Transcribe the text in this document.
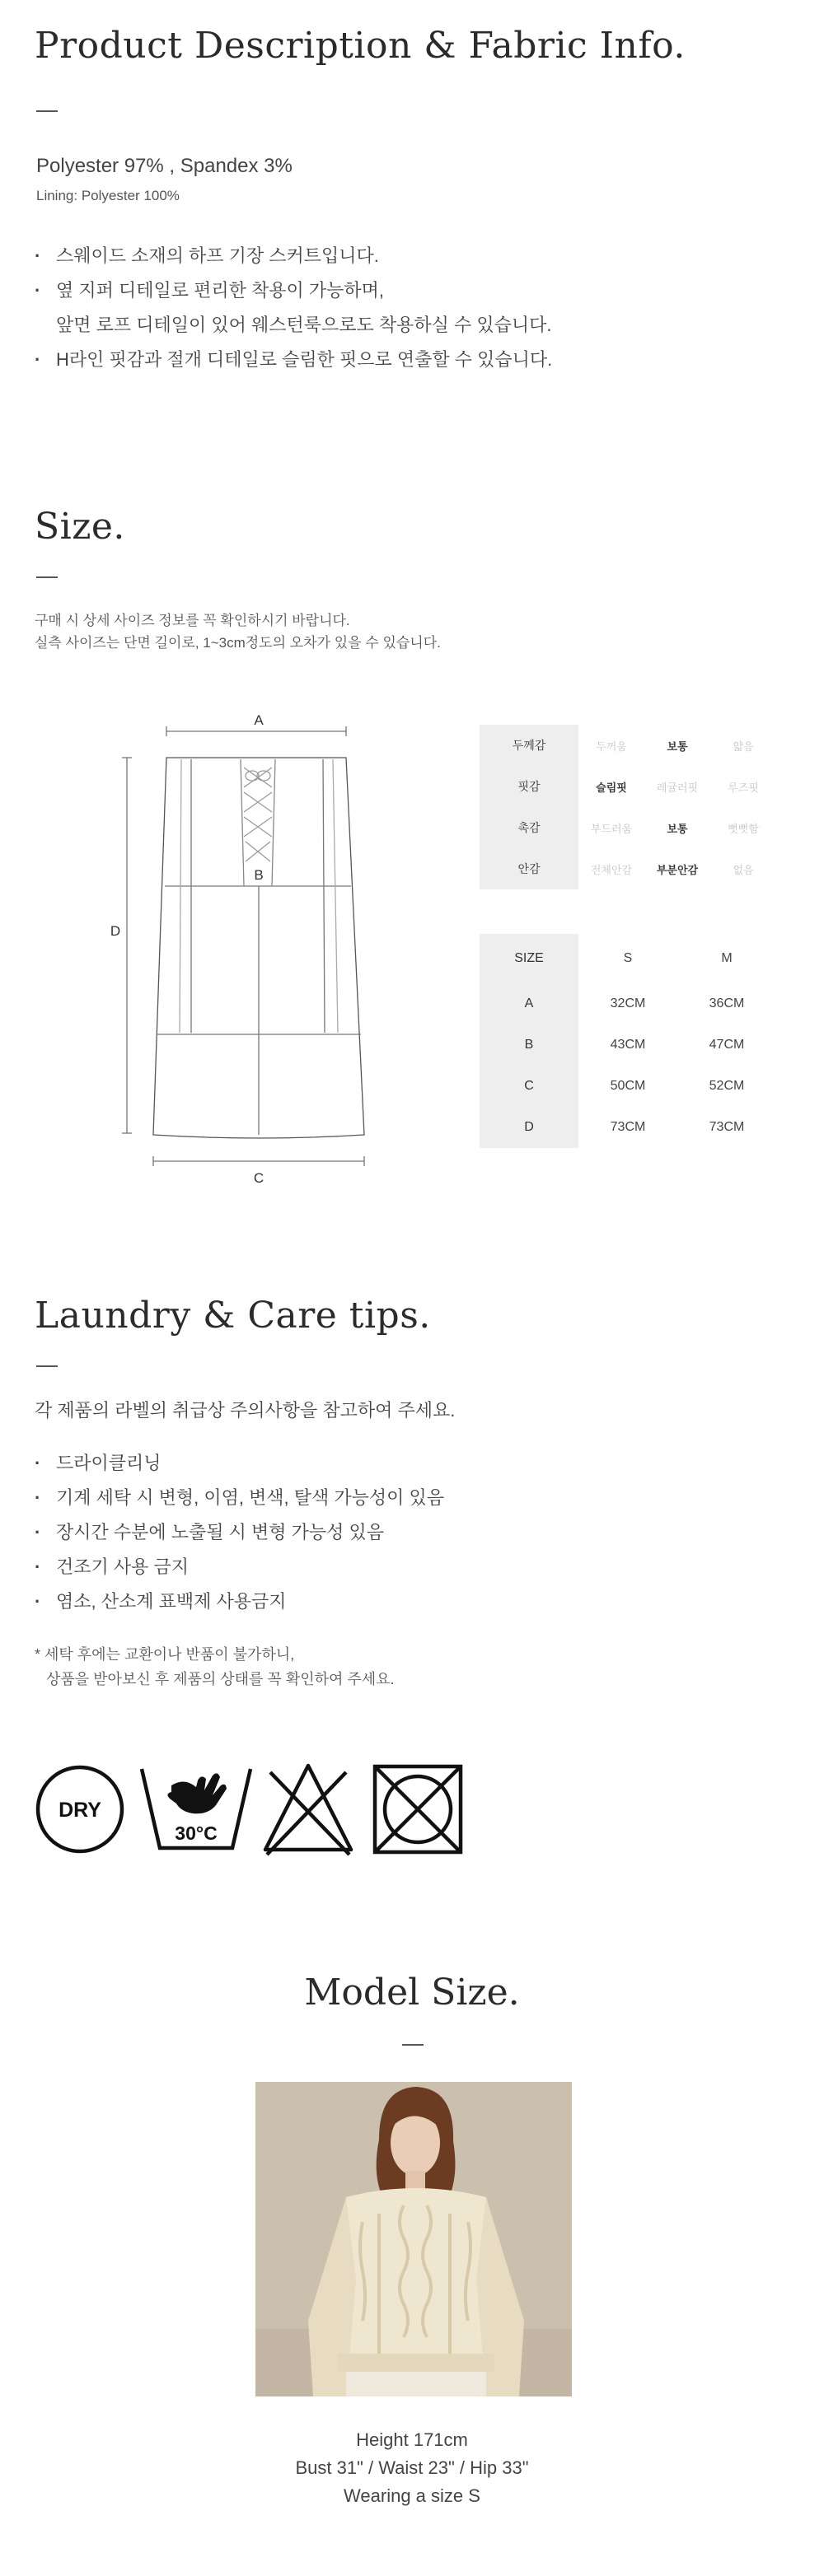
Product Description & Fabric Info.
Polyester 97% , Spandex 3%
Lining: Polyester 100%
· 스웨이드 소재의 하프 기장 스커트입니다.
· 옆 지퍼 디테일로 편리한 착용이 가능하며,
앞면 로프 디테일이 있어 웨스턴룩으로도 착용하실 수 있습니다.
· H라인 핏감과 절개 디테일로 슬림한 핏으로 연출할 수 있습니다.
Size.
구매 시 상세 사이즈 정보를 꼭 확인하시기 바랍니다.
실측 사이즈는 단면 길이로, 1~3cm정도의 오차가 있을 수 있습니다.
A
B
C
D
두께감	두꺼움	보통	얇음
핏감	슬림핏	레귤러핏	루즈핏
촉감	부드러움	보통	뻣뻣함
안감	전체안감	부분안감	없음
SIZE	S	M
A	32CM	36CM
B	43CM	47CM
C	50CM	52CM
D	73CM	73CM
Laundry & Care tips.
각 제품의 라벨의 취급상 주의사항을 참고하여 주세요.
· 드라이클리닝
· 기계 세탁 시 변형, 이염, 변색, 탈색 가능성이 있음
· 장시간 수분에 노출될 시 변형 가능성 있음
· 건조기 사용 금지
· 염소, 산소계 표백제 사용금지
* 세탁 후에는 교환이나 반품이 불가하니,
상품을 받아보신 후 제품의 상태를 꼭 확인하여 주세요.
DRY
30°C
Model Size.
Height 171cm
Bust 31" / Waist 23" / Hip 33"
Wearing a size S
